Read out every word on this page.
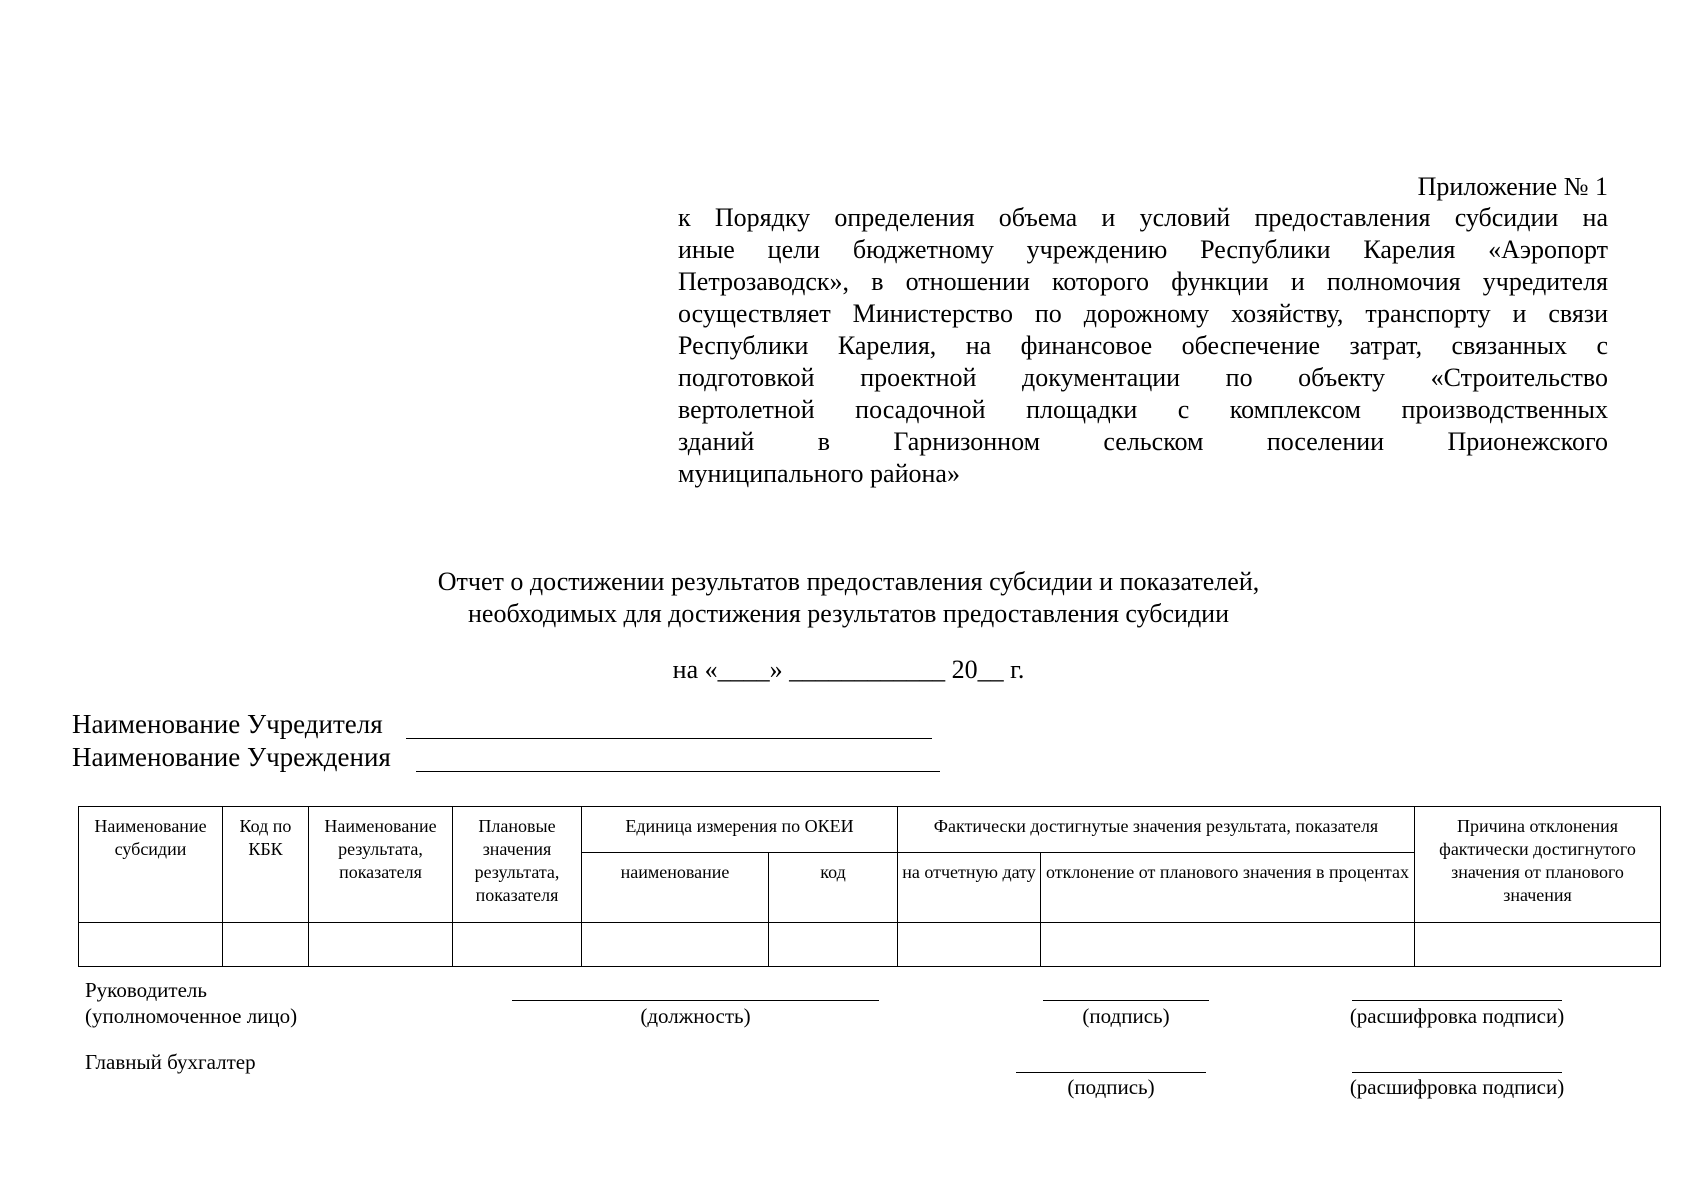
Приложение № 1
к Порядку определения объема и условий предоставления субсидии на
иные цели бюджетному учреждению Республики Карелия «Аэропорт
Петрозаводск», в отношении которого функции и полномочия учредителя
осуществляет Министерство по дорожному хозяйству, транспорту и связи
Республики Карелия, на финансовое обеспечение затрат, связанных с
подготовкой проектной документации по объекту «Строительство
вертолетной посадочной площадки с комплексом производственных
зданий в Гарнизонном сельском поселении Прионежского
муниципального района»
Отчет о достижении результатов предоставления субсидии и показателей,
необходимых для достижения результатов предоставления субсидии
на «____» ____________ 20__ г.
Наименование Учредителя
Наименование Учреждения
Наименование субсидии	Код по КБК	Наименование результата, показателя	Плановые значения результата, показателя	Единица измерения по ОКЕИ		Фактически достигнутые значения результата, показателя		Причина отклонения фактически достигнутого значения от планового значения
				наименование	код	на отчетную дату	отклонение от планового значения в процентах	

Руководитель
(уполномоченное лицо)	(должность)	(подпись)	(расшифровка подписи)
Главный бухгалтер
(подпись)	(расшифровка подписи)
